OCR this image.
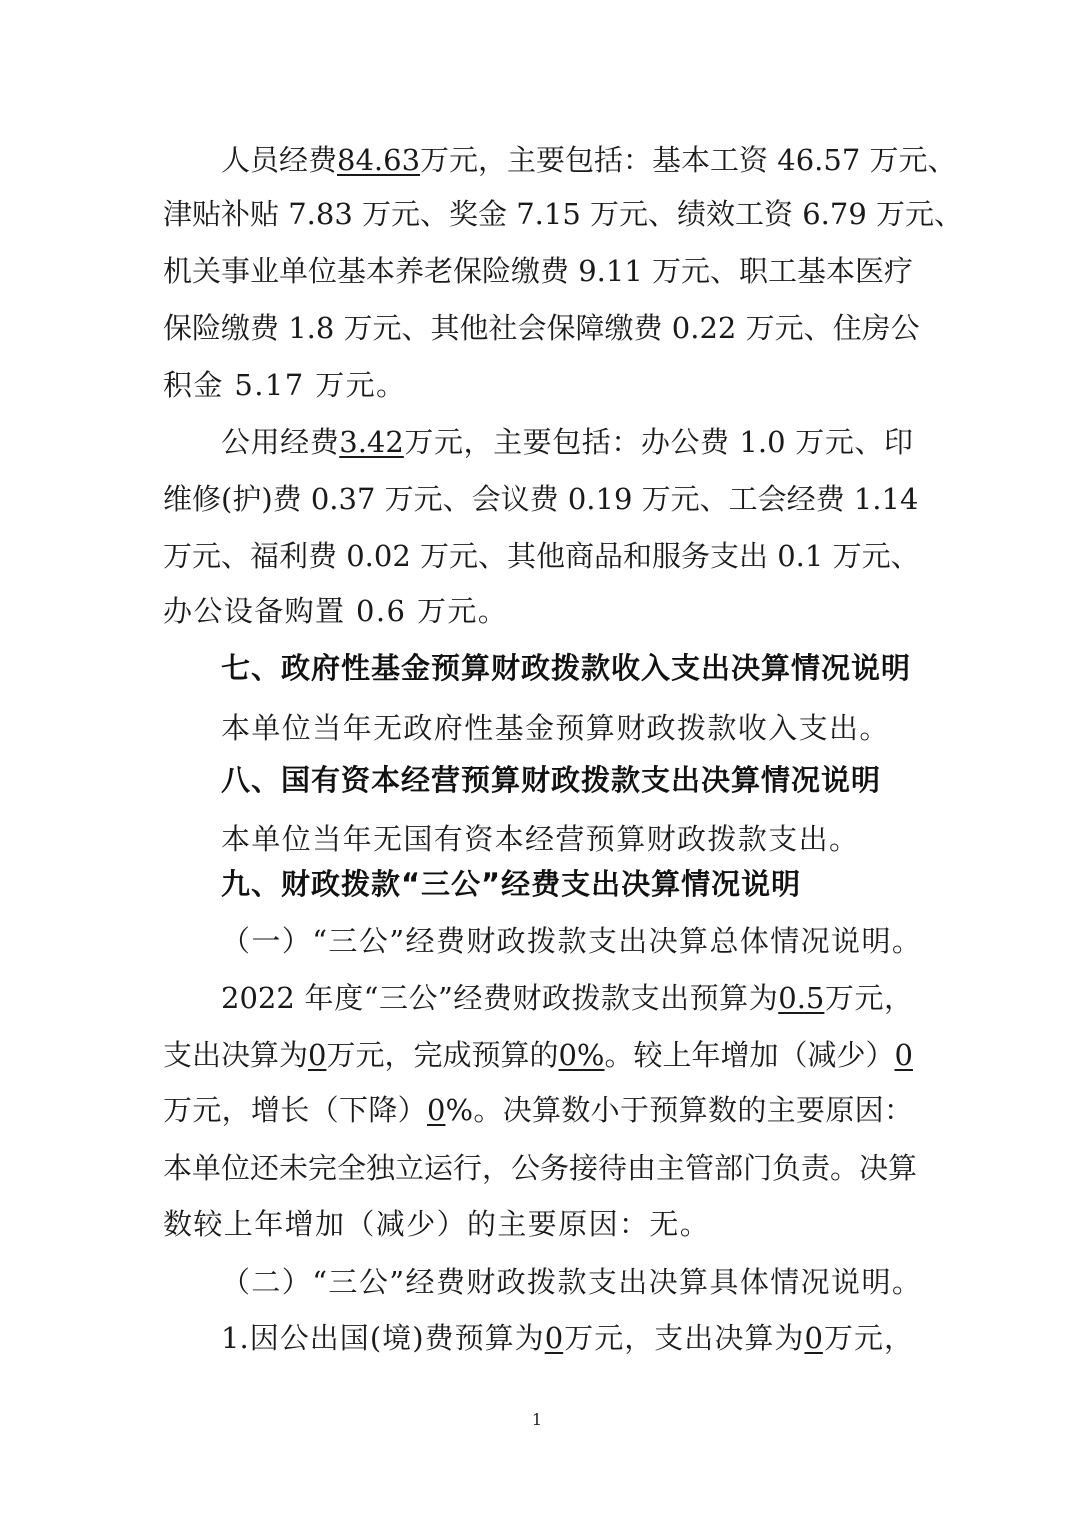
人员经费84.63万元，主要包括：基本工资 46.57 万元、
津贴补贴 7.83 万元、奖金 7.15 万元、绩效工资 6.79 万元、
机关事业单位基本养老保险缴费 9.11 万元、职工基本医疗
保险缴费 1.8 万元、其他社会保障缴费 0.22 万元、住房公
积金 5.17 万元。
公用经费3.42万元，主要包括：办公费 1.0 万元、印
维修(护)费 0.37 万元、会议费 0.19 万元、工会经费 1.14
万元、福利费 0.02 万元、其他商品和服务支出 0.1 万元、
办公设备购置 0.6 万元。
七、政府性基金预算财政拨款收入支出决算情况说明
本单位当年无政府性基金预算财政拨款收入支出。
八、国有资本经营预算财政拨款支出决算情况说明
本单位当年无国有资本经营预算财政拨款支出。
九、财政拨款“三公”经费支出决算情况说明
（一）“三公”经费财政拨款支出决算总体情况说明。
2022 年度“三公”经费财政拨款支出预算为0.5万元，
支出决算为0万元，完成预算的0%。较上年增加（减少）0
万元，增长（下降）0%。决算数小于预算数的主要原因：
本单位还未完全独立运行，公务接待由主管部门负责。决算
数较上年增加（减少）的主要原因：无。
（二）“三公”经费财政拨款支出决算具体情况说明。
1.因公出国(境)费预算为0万元，支出决算为0万元，
1
